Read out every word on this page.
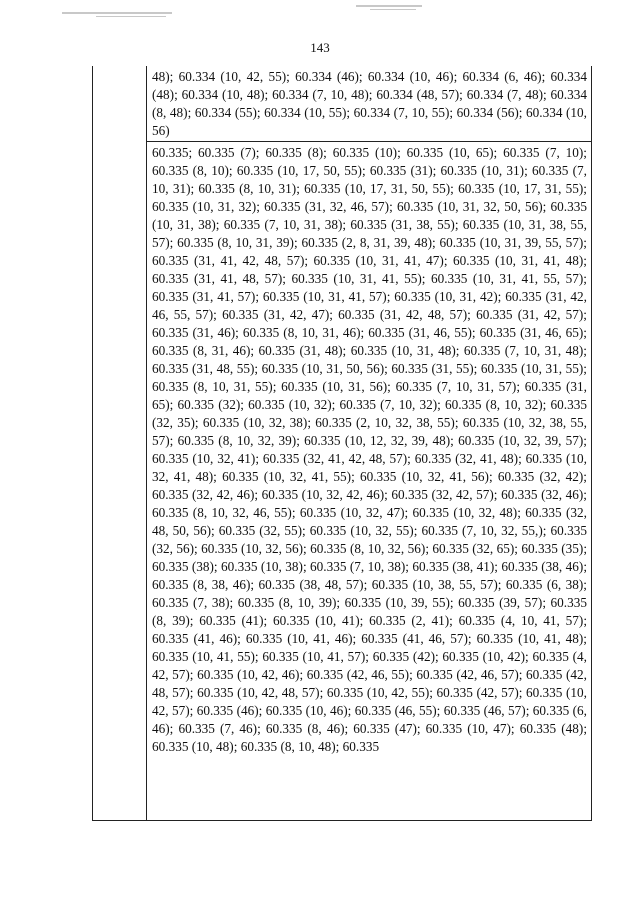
143
48); 60.334 (10, 42, 55); 60.334 (46); 60.334 (10, 46); 60.334 (6, 46); 60.334 (48); 60.334 (10, 48); 60.334 (7, 10, 48); 60.334 (48, 57); 60.334 (7, 48); 60.334 (8, 48); 60.334 (55); 60.334 (10, 55); 60.334 (7, 10, 55); 60.334 (56); 60.334 (10, 56)
60.335; 60.335 (7); 60.335 (8); 60.335 (10); 60.335 (10, 65); 60.335 (7, 10); 60.335 (8, 10); 60.335 (10, 17, 50, 55); 60.335 (31); 60.335 (10, 31); 60.335 (7, 10, 31); 60.335 (8, 10, 31); 60.335 (10, 17, 31, 50, 55); 60.335 (10, 17, 31, 55); 60.335 (10, 31, 32); 60.335 (31, 32, 46, 57); 60.335 (10, 31, 32, 50, 56); 60.335 (10, 31, 38); 60.335 (7, 10, 31, 38); 60.335 (31, 38, 55); 60.335 (10, 31, 38, 55, 57); 60.335 (8, 10, 31, 39); 60.335 (2, 8, 31, 39, 48); 60.335 (10, 31, 39, 55, 57); 60.335 (31, 41, 42, 48, 57); 60.335 (10, 31, 41, 47); 60.335 (10, 31, 41, 48); 60.335 (31, 41, 48, 57); 60.335 (10, 31, 41, 55); 60.335 (10, 31, 41, 55, 57); 60.335 (31, 41, 57); 60.335 (10, 31, 41, 57); 60.335 (10, 31, 42); 60.335 (31, 42, 46, 55, 57); 60.335 (31, 42, 47); 60.335 (31, 42, 48, 57); 60.335 (31, 42, 57); 60.335 (31, 46); 60.335 (8, 10, 31, 46); 60.335 (31, 46, 55); 60.335 (31, 46, 65); 60.335 (8, 31, 46); 60.335 (31, 48); 60.335 (10, 31, 48); 60.335 (7, 10, 31, 48); 60.335 (31, 48, 55); 60.335 (10, 31, 50, 56); 60.335 (31, 55); 60.335 (10, 31, 55); 60.335 (8, 10, 31, 55); 60.335 (10, 31, 56); 60.335 (7, 10, 31, 57); 60.335 (31, 65); 60.335 (32); 60.335 (10, 32); 60.335 (7, 10, 32); 60.335 (8, 10, 32); 60.335 (32, 35); 60.335 (10, 32, 38); 60.335 (2, 10, 32, 38, 55); 60.335 (10, 32, 38, 55, 57); 60.335 (8, 10, 32, 39); 60.335 (10, 12, 32, 39, 48); 60.335 (10, 32, 39, 57); 60.335 (10, 32, 41); 60.335 (32, 41, 42, 48, 57); 60.335 (32, 41, 48); 60.335 (10, 32, 41, 48); 60.335 (10, 32, 41, 55); 60.335 (10, 32, 41, 56); 60.335 (32, 42); 60.335 (32, 42, 46); 60.335 (10, 32, 42, 46); 60.335 (32, 42, 57); 60.335 (32, 46); 60.335 (8, 10, 32, 46, 55); 60.335 (10, 32, 47); 60.335 (10, 32, 48); 60.335 (32, 48, 50, 56); 60.335 (32, 55); 60.335 (10, 32, 55); 60.335 (7, 10, 32, 55,); 60.335 (32, 56); 60.335 (10, 32, 56); 60.335 (8, 10, 32, 56); 60.335 (32, 65); 60.335 (35); 60.335 (38); 60.335 (10, 38); 60.335 (7, 10, 38); 60.335 (38, 41); 60.335 (38, 46); 60.335 (8, 38, 46); 60.335 (38, 48, 57); 60.335 (10, 38, 55, 57); 60.335 (6, 38); 60.335 (7, 38); 60.335 (8, 10, 39); 60.335 (10, 39, 55); 60.335 (39, 57); 60.335 (8, 39); 60.335 (41); 60.335 (10, 41); 60.335 (2, 41); 60.335 (4, 10, 41, 57); 60.335 (41, 46); 60.335 (10, 41, 46); 60.335 (41, 46, 57); 60.335 (10, 41, 48); 60.335 (10, 41, 55); 60.335 (10, 41, 57); 60.335 (42); 60.335 (10, 42); 60.335 (4, 42, 57); 60.335 (10, 42, 46); 60.335 (42, 46, 55); 60.335 (42, 46, 57); 60.335 (42, 48, 57); 60.335 (10, 42, 48, 57); 60.335 (10, 42, 55); 60.335 (42, 57); 60.335 (10, 42, 57); 60.335 (46); 60.335 (10, 46); 60.335 (46, 55); 60.335 (46, 57); 60.335 (6, 46); 60.335 (7, 46); 60.335 (8, 46); 60.335 (47); 60.335 (10, 47); 60.335 (48); 60.335 (10, 48); 60.335 (8, 10, 48); 60.335
